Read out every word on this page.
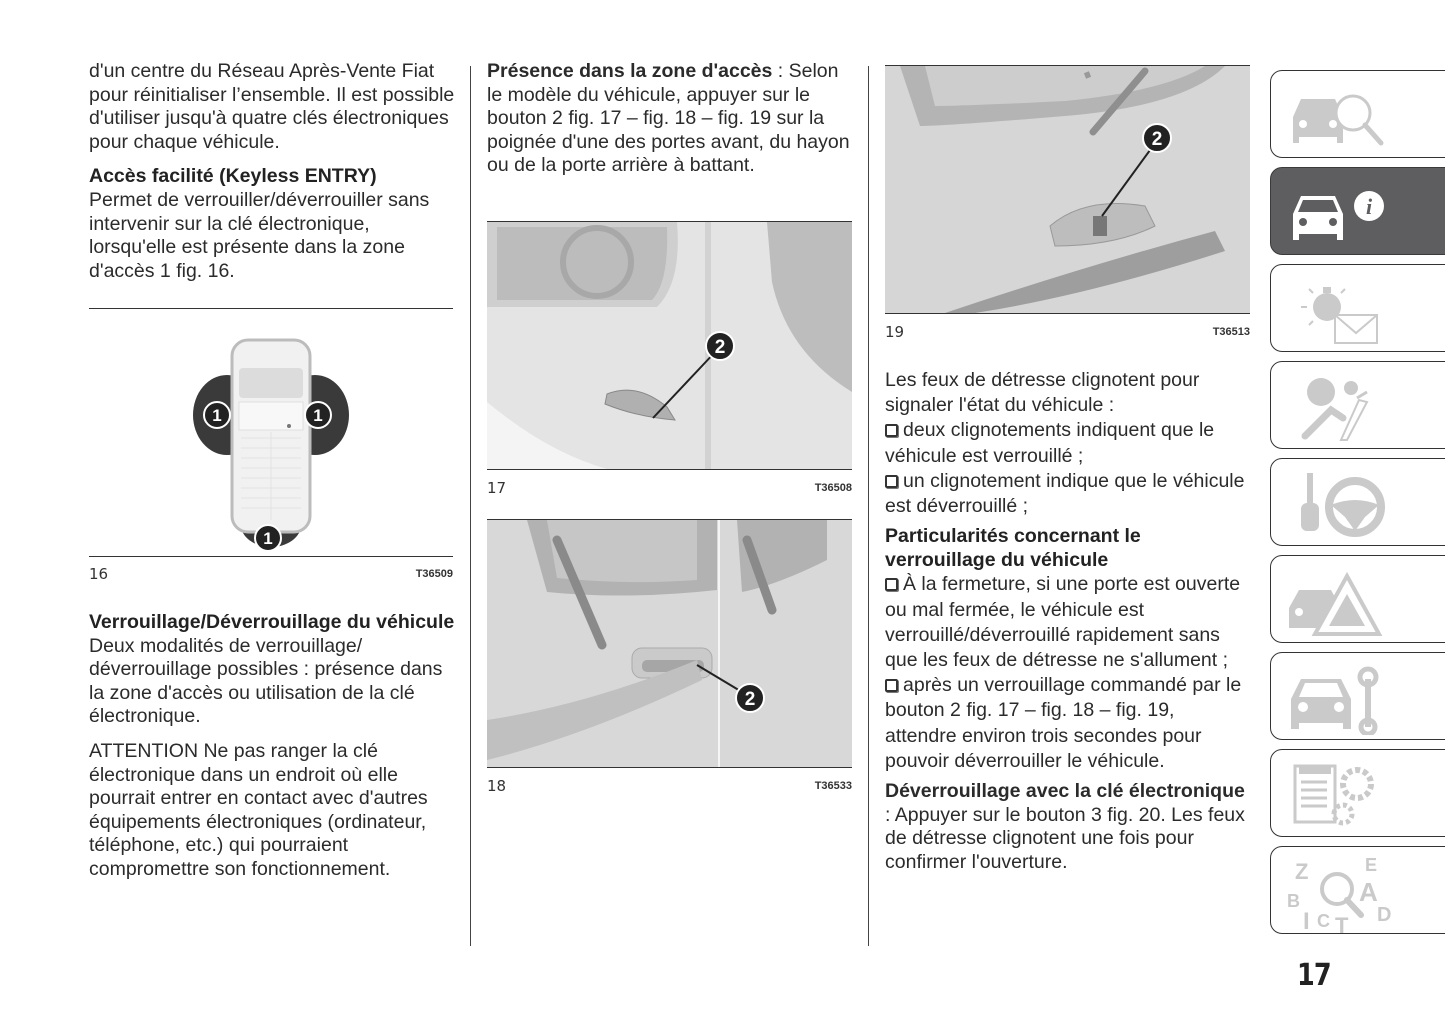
d'un centre du Réseau Après-Vente Fiat pour réinitialiser l’ensemble. Il est possible d'utiliser jusqu'à quatre clés électroniques pour chaque véhicule.

Accès facilité (Keyless ENTRY)

Permet de verrouiller/déverrouiller sans intervenir sur la clé électronique, lorsqu'elle est présente dans la zone d'accès 1 fig. 16.

1	1
1
16	T36509

Verrouillage/Déverrouillage du véhicule

Deux modalités de verrouillage/ déverrouillage possibles : présence dans la zone d'accès ou utilisation de la clé électronique.

ATTENTION Ne pas ranger la clé électronique dans un endroit où elle pourrait entrer en contact avec d'autres équipements électroniques (ordinateur, téléphone, etc.) qui pourraient compromettre son fonctionnement.

Présence dans la zone d'accès : Selon le modèle du véhicule, appuyer sur le bouton 2 fig. 17 – fig. 18 – fig. 19 sur la poignée d'une des portes avant, du hayon ou de la porte arrière à battant.

2
17	T36508
2
18	T36533
2
19	T36513

Les feux de détresse clignotent pour signaler l'état du véhicule :

deux clignotements indiquent que le véhicule est verrouillé ;

un clignotement indique que le véhicule est déverrouillé ;

Particularités concernant le verrouillage du véhicule

À la fermeture, si une porte est ouverte ou mal fermée, le véhicule est verrouillé/déverrouillé rapidement sans que les feux de détresse ne s'allument ;

après un verrouillage commandé par le bouton 2 fig. 17 – fig. 18 – fig. 19, attendre environ trois secondes pour pouvoir déverrouiller le véhicule.

Déverrouillage avec la clé électronique : Appuyer sur le bouton 3 fig. 20. Les feux de détresse clignotent une fois pour confirmer l'ouverture.

i
Z	E
B A
I C T D
17
